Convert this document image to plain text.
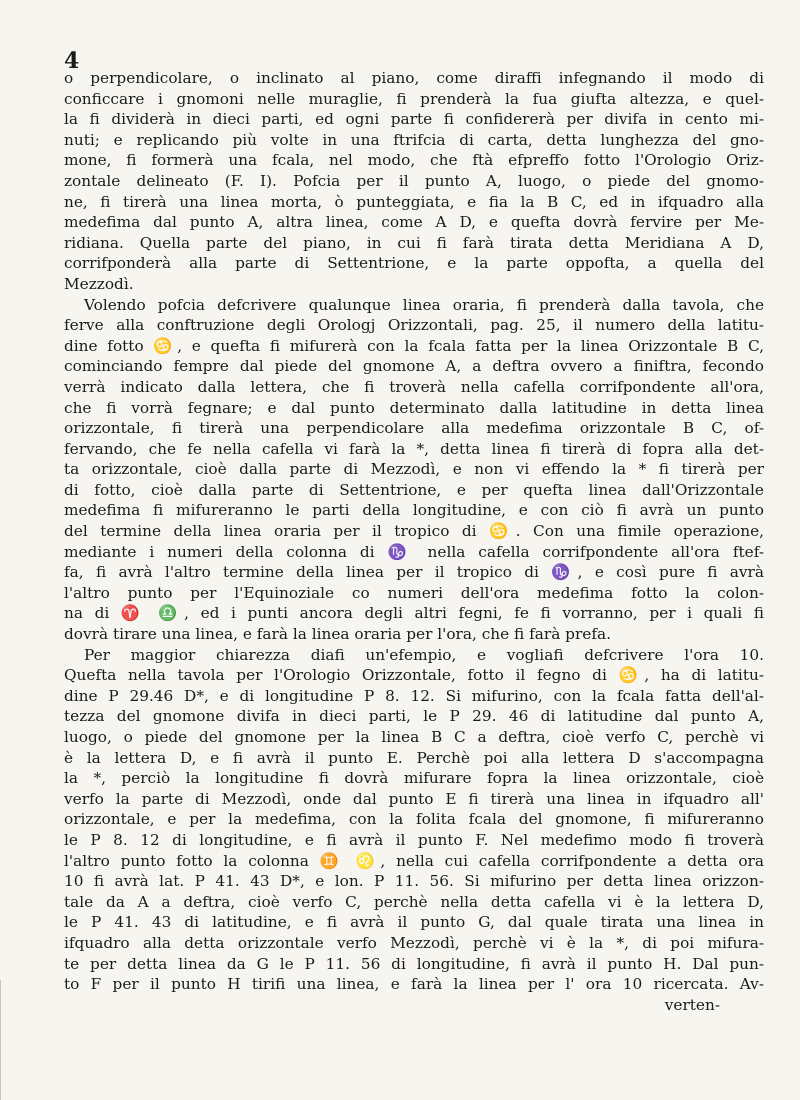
4
o perpendicolare, o inclinato al piano, come diraffi infegnando il modo di
conficcare i gnomoni nelle muraglie, fi prenderà la fua giufta altezza, e quel-
la fi dividerà in dieci parti, ed ogni parte fi confidererà per divifa in cento mi-
nuti; e replicando più volte in una ftrifcia di carta, detta lunghezza del gno-
mone, fi formerà una fcala, nel modo, che ftà efpreffo fotto l'Orologio Oriz-
zontale delineato (F. I). Pofcia per il punto A, luogo, o piede del gnomo-
ne, fi tirerà una linea morta, ò punteggiata, e fia la B C, ed in ifquadro alla
medefima dal punto A, altra linea, come A D, e quefta dovrà fervire per Me-
ridiana. Quella parte del piano, in cui fi farà tirata detta Meridiana A D,
corrifponderà alla parte di Settentrione, e la parte oppofta, a quella del
Mezzodì.
Volendo pofcia defcrivere qualunque linea oraria, fi prenderà dalla tavola, che
ferve alla conftruzione degli Orologj Orizzontali, pag. 25, il numero della latitu-
dine fotto ♋, e quefta fi mifurerà con la fcala fatta per la linea Orizzontale B C,
cominciando fempre dal piede del gnomone A, a deftra ovvero a finiftra, fecondo
verrà indicato dalla lettera, che fi troverà nella cafella corrifpondente all'ora,
che fi vorrà fegnare; e dal punto determinato dalla latitudine in detta linea
orizzontale, fi tirerà una perpendicolare alla medefima orizzontale B C, of-
fervando, che fe nella cafella vi farà la *, detta linea fi tirerà di fopra alla det-
ta orizzontale, cioè dalla parte di Mezzodì, e non vi effendo la * fi tirerà per
di fotto, cioè dalla parte di Settentrione, e per quefta linea dall'Orizzontale
medefima fi mifureranno le parti della longitudine, e con ciò fi avrà un punto
del termine della linea oraria per il tropico di ♋. Con una fimile operazione,
mediante i numeri della colonna di ♑ nella cafella corrifpondente all'ora ftef-
fa, fi avrà l'altro termine della linea per il tropico di ♑, e così pure fi avrà
l'altro punto per l'Equinoziale co numeri dell'ora medefima fotto la colon-
na di ♈ ♎, ed i punti ancora degli altri fegni, fe fi vorranno, per i quali fi
dovrà tirare una linea, e farà la linea oraria per l'ora, che fi farà prefa.
Per maggior chiarezza diafi un'efempio, e vogliafi defcrivere l'ora 10.
Quefta nella tavola per l'Orologio Orizzontale, fotto il fegno di ♋, ha di latitu-
dine P 29.46 D*, e di longitudine P 8. 12. Si mifurino, con la fcala fatta dell'al-
tezza del gnomone divifa in dieci parti, le P 29. 46 di latitudine dal punto A,
luogo, o piede del gnomone per la linea B C a deftra, cioè verfo C, perchè vi
è la lettera D, e fi avrà il punto E. Perchè poi alla lettera D s'accompagna
la *, perciò la longitudine fi dovrà mifurare fopra la linea orizzontale, cioè
verfo la parte di Mezzodì, onde dal punto E fi tirerà una linea in ifquadro all'
orizzontale, e per la medefima, con la folita fcala del gnomone, fi mifureranno
le P 8. 12 di longitudine, e fi avrà il punto F. Nel medefimo modo fi troverà
l'altro punto fotto la colonna ♊ ♌, nella cui cafella corrifpondente a detta ora
10 fi avrà lat. P 41. 43 D*, e lon. P 11. 56. Si mifurino per detta linea orizzon-
tale da A a deftra, cioè verfo C, perchè nella detta cafella vi è la lettera D,
le P 41. 43 di latitudine, e fi avrà il punto G, dal quale tirata una linea in
ifquadro alla detta orizzontale verfo Mezzodì, perchè vi è la *, di poi mifura-
te per detta linea da G le P 11. 56 di longitudine, fi avrà il punto H. Dal pun-
to F per il punto H tirifi una linea, e farà la linea per l' ora 10 ricercata. Av-
verten-
